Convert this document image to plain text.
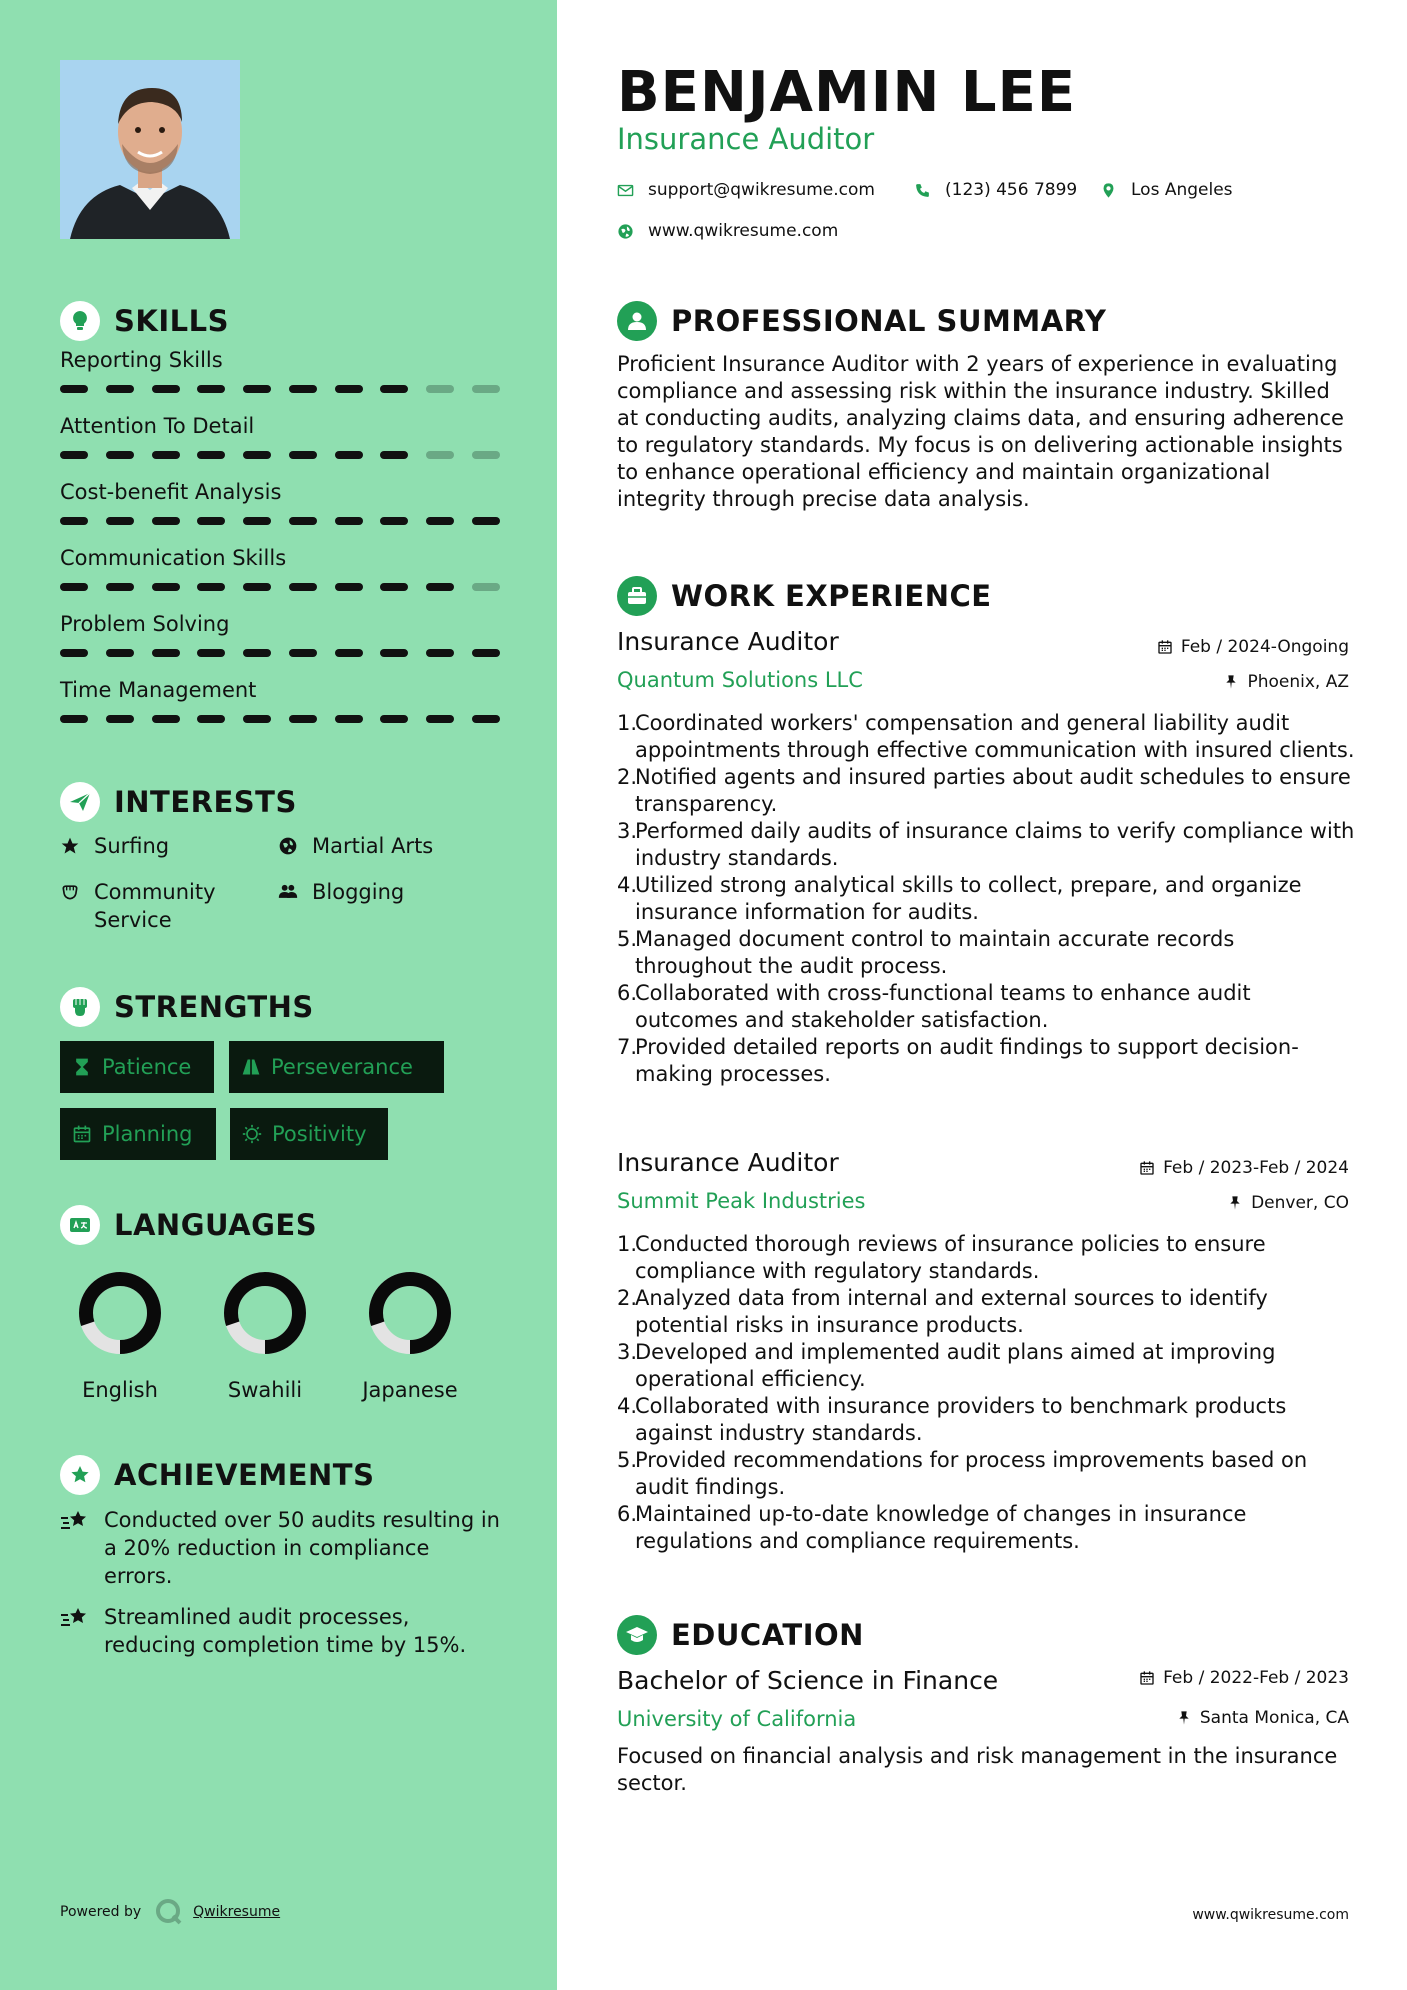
SKILLS
Reporting Skills
Attention To Detail
Cost-benefit Analysis
Communication Skills
Problem Solving
Time Management
INTERESTS
Surfing	Martial Arts
Community Service
Blogging
STRENGTHS
Patience	Perseverance
Planning	Positivity
LANGUAGES
English	Swahili	Japanese
ACHIEVEMENTS
Conducted over 50 audits resulting in a 20% reduction in compliance errors.
Streamlined audit processes, reducing completion time by 15%.
Powered by	Qwikresume
BENJAMIN LEE
Insurance Auditor
support@qwikresume.com	(123) 456 7899	Los Angeles
www.qwikresume.com
PROFESSIONAL SUMMARY
Proficient Insurance Auditor with 2 years of experience in evaluating compliance and assessing risk within the insurance industry. Skilled at conducting audits, analyzing claims data, and ensuring adherence to regulatory standards. My focus is on delivering actionable insights to enhance operational efficiency and maintain organizational integrity through precise data analysis.
WORK EXPERIENCE
Insurance Auditor	Feb / 2024-Ongoing
Quantum Solutions LLC	Phoenix, AZ
Coordinated workers' compensation and general liability audit appointments through effective communication with insured clients.
Notified agents and insured parties about audit schedules to ensure transparency.
Performed daily audits of insurance claims to verify compliance with industry standards.
Utilized strong analytical skills to collect, prepare, and organize insurance information for audits.
Managed document control to maintain accurate records throughout the audit process.
Collaborated with cross-functional teams to enhance audit outcomes and stakeholder satisfaction.
Provided detailed reports on audit findings to support decision-making processes.
Insurance Auditor	Feb / 2023-Feb / 2024
Summit Peak Industries	Denver, CO
Conducted thorough reviews of insurance policies to ensure compliance with regulatory standards.
Analyzed data from internal and external sources to identify potential risks in insurance products.
Developed and implemented audit plans aimed at improving operational efficiency.
Collaborated with insurance providers to benchmark products against industry standards.
Provided recommendations for process improvements based on audit findings.
Maintained up-to-date knowledge of changes in insurance regulations and compliance requirements.
EDUCATION
Bachelor of Science in Finance	Feb / 2022-Feb / 2023
University of California	Santa Monica, CA
Focused on financial analysis and risk management in the insurance sector.
www.qwikresume.com
